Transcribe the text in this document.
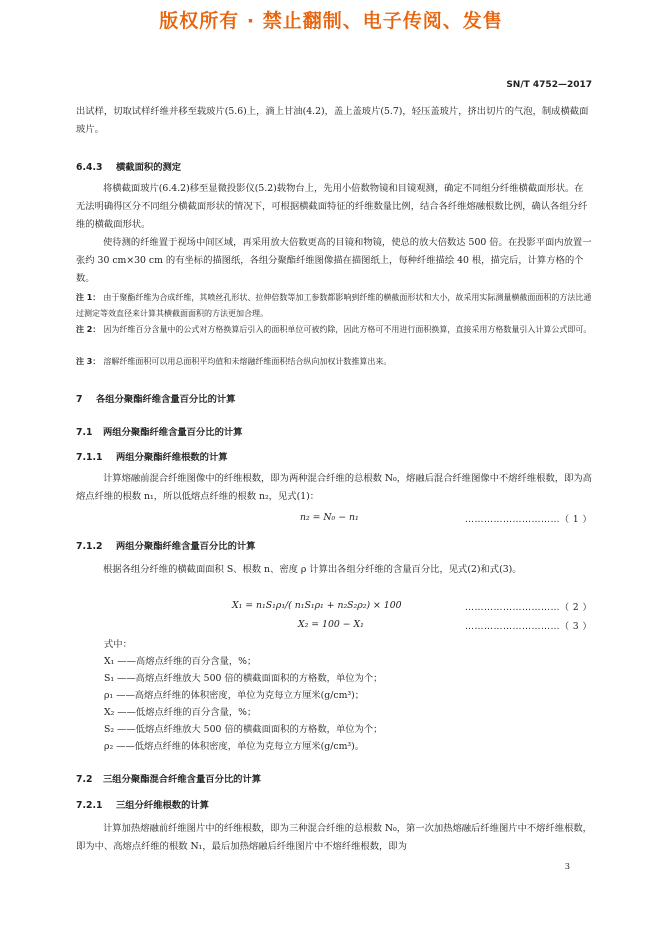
版权所有 · 禁止翻制、电子传阅、发售
SN/T 4752—2017
出试样，切取试样纤维并移至载玻片(5.6)上，滴上甘油(4.2)，盖上盖玻片(5.7)，轻压盖玻片，挤出切片的气泡，制成横截面玻片。
6.4.3 横截面积的测定
将横截面玻片(6.4.2)移至显微投影仪(5.2)载物台上，先用小倍数物镜和目镜观测，确定不同组分纤维横截面形状。在无法明确得区分不同组分横截面形状的情况下，可根据横截面特征的纤维数量比例，结合各纤维熔融根数比例，确认各组分纤维的横截面形状。
使待测的纤维置于视场中间区域，再采用放大倍数更高的目镜和物镜，使总的放大倍数达 500 倍。在投影平面内放置一张约 30 cm×30 cm 的有坐标的描图纸，各组分聚酯纤维图像描在描图纸上，每种纤维描绘 40 根，描完后，计算方格的个数。
注 1： 由于聚酯纤维为合成纤维，其喷丝孔形状、拉伸倍数等加工参数都影响到纤维的横截面形状和大小，故采用实际测量横截面面积的方法比通过测定等效直径来计算其横截面面积的方法更加合理。
注 2： 因为纤维百分含量中的公式对方格换算后引入的面积单位可被约除，因此方格可不用进行面积换算，直接采用方格数量引入计算公式即可。
注 3： 溶解纤维面积可以用总面积平均值和未熔融纤维面积结合纵向加权计数推算出来。
7 各组分聚酯纤维含量百分比的计算
7.1 两组分聚酯纤维含量百分比的计算
7.1.1 两组分聚酯纤维根数的计算
计算熔融前混合纤维图像中的纤维根数，即为两种混合纤维的总根数 N₀，熔融后混合纤维图像中不熔纤维根数，即为高熔点纤维的根数 n₁，所以低熔点纤维的根数 n₂，见式(1)：
n₂ = N₀ − n₁	…………………………（ 1 ）
7.1.2 两组分聚酯纤维含量百分比的计算
根据各组分纤维的横截面面积 S、根数 n、密度 ρ 计算出各组分纤维的含量百分比，见式(2)和式(3)。
X₁ = n₁S₁ρ₁/( n₁S₁ρ₁ + n₂S₂ρ₂) × 100	…………………………（ 2 ）
X₂ = 100 − X₁	…………………………（ 3 ）
式中：
X₁ ——高熔点纤维的百分含量，%；
S₁ ——高熔点纤维放大 500 倍的横截面面积的方格数，单位为个；
ρ₁ ——高熔点纤维的体积密度，单位为克每立方厘米(g/cm³)；
X₂ ——低熔点纤维的百分含量，%；
S₂ ——低熔点纤维放大 500 倍的横截面面积的方格数，单位为个；
ρ₂ ——低熔点纤维的体积密度，单位为克每立方厘米(g/cm³)。
7.2 三组分聚酯混合纤维含量百分比的计算
7.2.1 三组分纤维根数的计算
计算加热熔融前纤维图片中的纤维根数，即为三种混合纤维的总根数 N₀，第一次加热熔融后纤维图片中不熔纤维根数，即为中、高熔点纤维的根数 N₁，最后加热熔融后纤维图片中不熔纤维根数，即为
3
